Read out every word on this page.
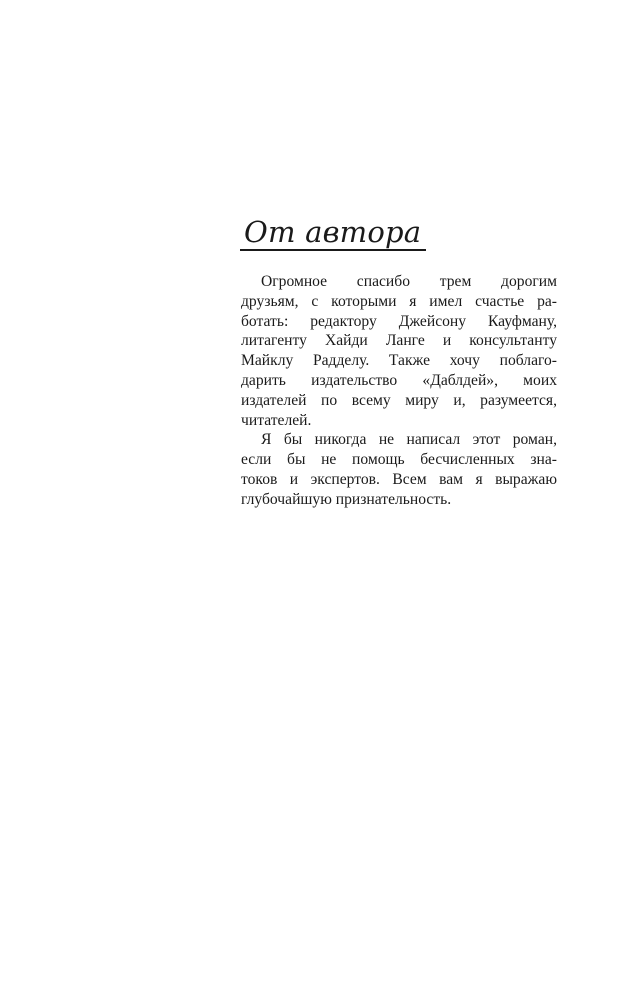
От автора

Огромное спасибо трем дорогим
друзьям, с которыми я имел счастье ра-
ботать: редактору Джейсону Кауфману,
литагенту Хайди Ланге и консультанту
Майклу Радделу. Также хочу поблаго-
дарить издательство «Даблдей», моих
издателей по всему миру и, разумеется,
читателей.

Я бы никогда не написал этот роман,
если бы не помощь бесчисленных зна-
токов и экспертов. Всем вам я выражаю
глубочайшую признательность.
